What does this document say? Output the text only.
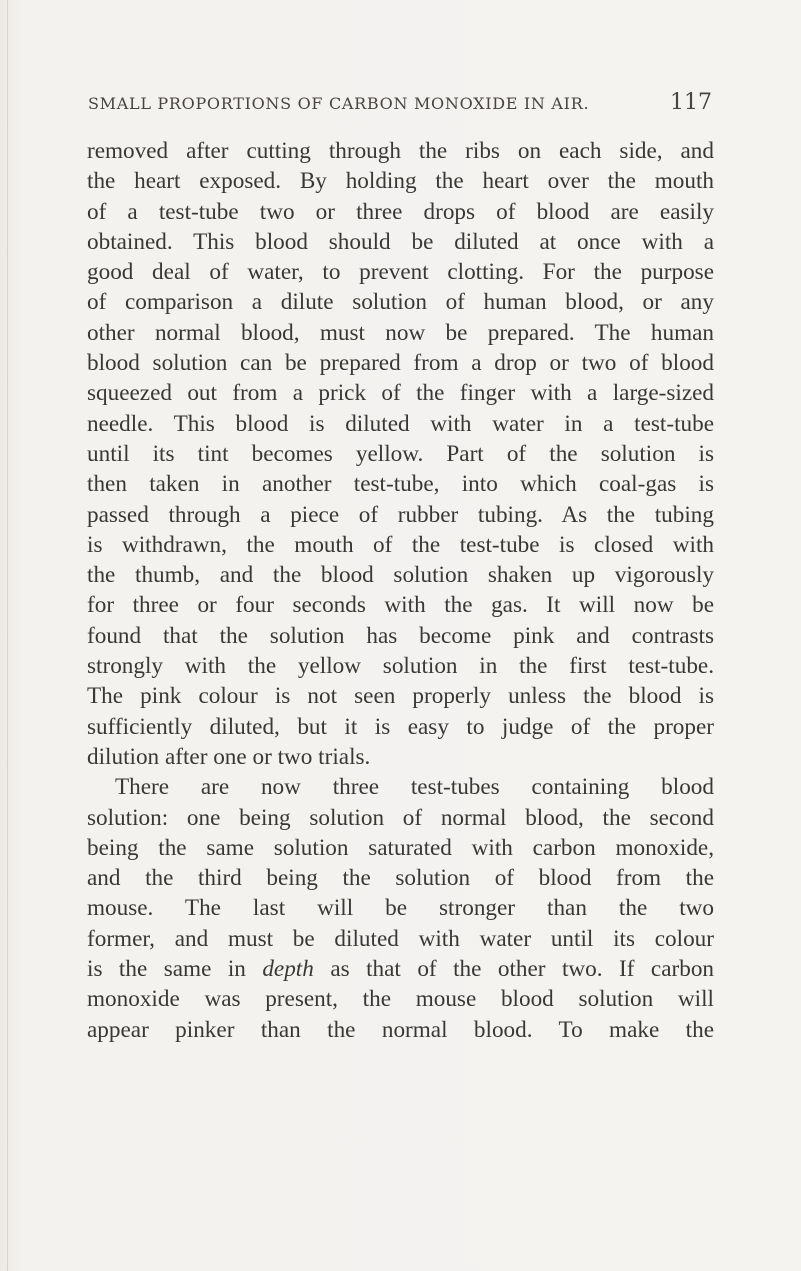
SMALL PROPORTIONS OF CARBON MONOXIDE IN AIR.	117
removed after cutting through the ribs on each side, and
the heart exposed. By holding the heart over the mouth
of a test-tube two or three drops of blood are easily
obtained. This blood should be diluted at once with a
good deal of water, to prevent clotting. For the purpose
of comparison a dilute solution of human blood, or any
other normal blood, must now be prepared. The human
blood solution can be prepared from a drop or two of blood
squeezed out from a prick of the finger with a large-sized
needle. This blood is diluted with water in a test-tube
until its tint becomes yellow. Part of the solution is
then taken in another test-tube, into which coal-gas is
passed through a piece of rubber tubing. As the tubing
is withdrawn, the mouth of the test-tube is closed with
the thumb, and the blood solution shaken up vigorously
for three or four seconds with the gas. It will now be
found that the solution has become pink and contrasts
strongly with the yellow solution in the first test-tube.
The pink colour is not seen properly unless the blood is
sufficiently diluted, but it is easy to judge of the proper
dilution after one or two trials.
There are now three test-tubes containing blood
solution: one being solution of normal blood, the second
being the same solution saturated with carbon monoxide,
and the third being the solution of blood from the
mouse. The last will be stronger than the two
former, and must be diluted with water until its colour
is the same in depth as that of the other two. If carbon
monoxide was present, the mouse blood solution will
appear pinker than the normal blood. To make the
